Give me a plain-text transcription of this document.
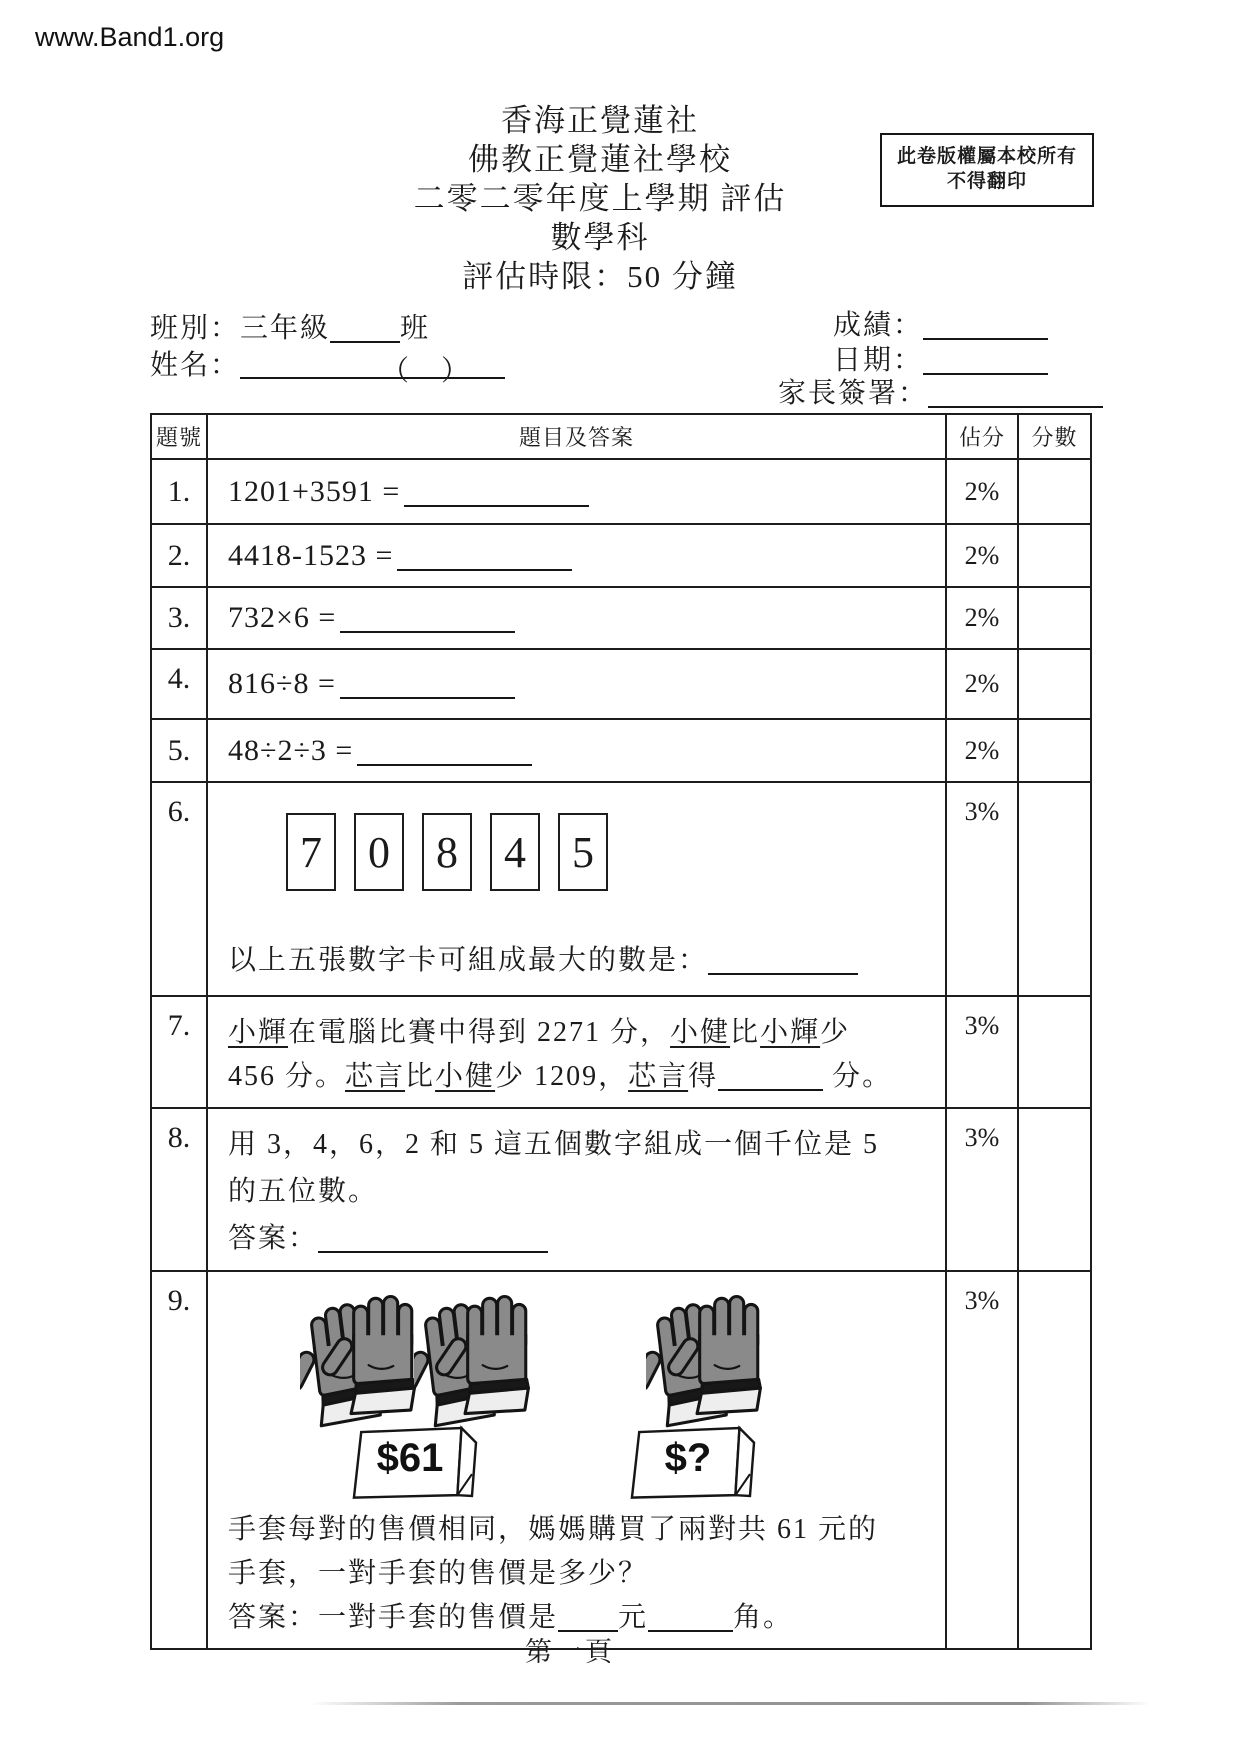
www.Band1.org
香海正覺蓮社
佛教正覺蓮社學校
二零二零年度上學期 評估
數學科
評估時限：50 分鐘
此卷版權屬本校所有
不得翻印
班別：三年級	班
姓名：	（　）
成績：
日期：
家長簽署：
題號	題目及答案	佔分	分數
1.	1201+3591 =	2%	
2.	4418-1523 =	2%	
3.	732×6 =	2%	
4.	816÷8 =	2%	
5.	48÷2÷3 =	2%	
6.	
7	0	8	4	5
以上五張數字卡可組成最大的數是：
	3%	
7.	小輝在電腦比賽中得到 2271 分，小健比小輝少
456 分。芯言比小健少 1209，芯言得 分。	3%	
8.	用 3，4，6，2 和 5 這五個數字組成一個千位是 5
的五位數。
答案：	3%	
9.	$61 $?
手套每對的售價相同，媽媽購買了兩對共 61 元的
手套，一對手套的售價是多少？
答案：一對手套的售價是 元 角。	3%	
第一頁
